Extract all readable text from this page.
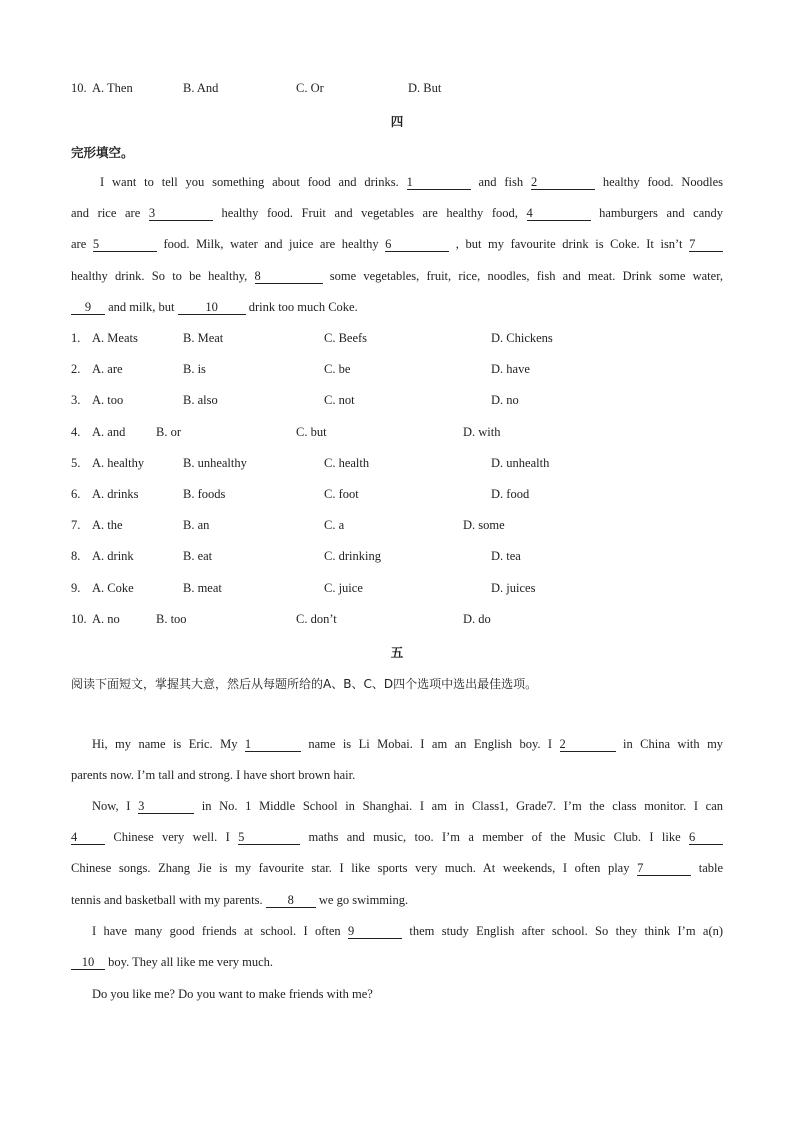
10. A. Then	B. And	C. Or	D. But
四
完形填空。
I want to tell you something about food and drinks. 1	and fish 2	healthy food. Noodles
and rice are 3	healthy food. Fruit and vegetables are healthy food, 4	hamburgers and candy
are 5	food. Milk, water and juice are healthy 6	, but my favourite drink is Coke. It isn’t 7
healthy drink. So to be healthy, 8	some vegetables, fruit, rice, noodles, fish and meat. Drink some water,
9 and milk, but 10 drink too much Coke.
1. A. Meats	B. Meat	C. Beefs	D. Chickens
2. A. are	B. is	C. be	D. have
3. A. too	B. also	C. not	D. no
4. A. and B. or	C. but	D. with
5. A. healthy	B. unhealthy	C. health	D. unhealth
6. A. drinks	B. foods	C. foot	D. food
7. A. the	B. an	C. a	D. some
8. A. drink	B. eat	C. drinking	D. tea
9. A. Coke	B. meat	C. juice	D. juices
10. A. no	B. too	C. don’t	D. do
五
阅读下面短文，掌握其大意，然后从每题所给的A、B、C、D四个选项中选出最佳选项。
Hi, my name is Eric. My 1	name is Li Mobai. I am an English boy. I 2	in China with my
parents now. I’m tall and strong. I have short brown hair.
Now, I 3	in No. 1 Middle School in Shanghai. I am in Class1, Grade7. I’m the class monitor. I can
4	Chinese very well. I 5	maths and music, too. I’m a member of the Music Club. I like 6
Chinese songs. Zhang Jie is my favourite star. I like sports very much. At weekends, I often play 7	table
tennis and basketball with my parents. 8 we go swimming.
I have many good friends at school. I often 9	them study English after school. So they think I’m a(n)
10 boy. They all like me very much.
Do you like me? Do you want to make friends with me?
